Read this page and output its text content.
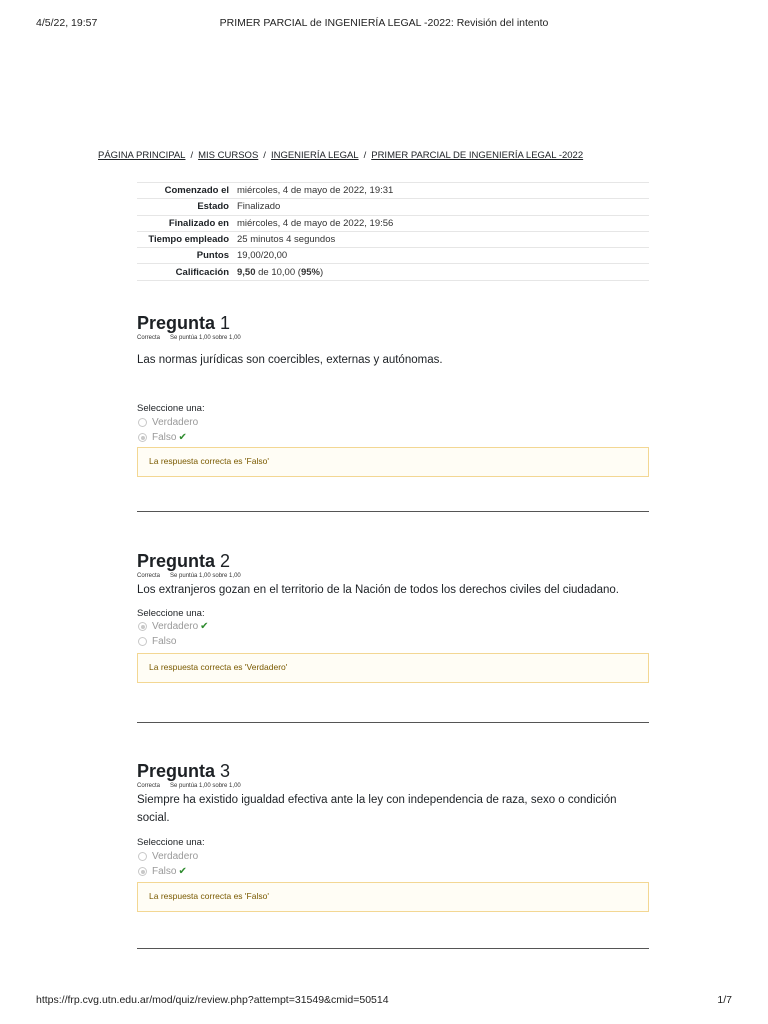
4/5/22, 19:57	PRIMER PARCIAL de INGENIERÍA LEGAL -2022: Revisión del intento
PÁGINA PRINCIPAL / MIS CURSOS / INGENIERÍA LEGAL / PRIMER PARCIAL DE INGENIERÍA LEGAL -2022
Comenzado el	miércoles, 4 de mayo de 2022, 19:31
Estado	Finalizado
Finalizado en	miércoles, 4 de mayo de 2022, 19:56
Tiempo empleado	25 minutos 4 segundos
Puntos	19,00/20,00
Calificación	9,50 de 10,00 (95%)
Pregunta 1
Correcta Se puntúa 1,00 sobre 1,00
Las normas jurídicas son coercibles, externas y autónomas.
Seleccione una:
Verdadero
Falso ✔
La respuesta correcta es 'Falso'
Pregunta 2
Correcta Se puntúa 1,00 sobre 1,00
Los extranjeros gozan en el territorio de la Nación de todos los derechos civiles del ciudadano.
Seleccione una:
Verdadero ✔
Falso
La respuesta correcta es 'Verdadero'
Pregunta 3
Correcta Se puntúa 1,00 sobre 1,00
Siempre ha existido igualdad efectiva ante la ley con independencia de raza, sexo o condición social.
Seleccione una:
Verdadero
Falso ✔
La respuesta correcta es 'Falso'
https://frp.cvg.utn.edu.ar/mod/quiz/review.php?attempt=31549&cmid=50514	1/7
